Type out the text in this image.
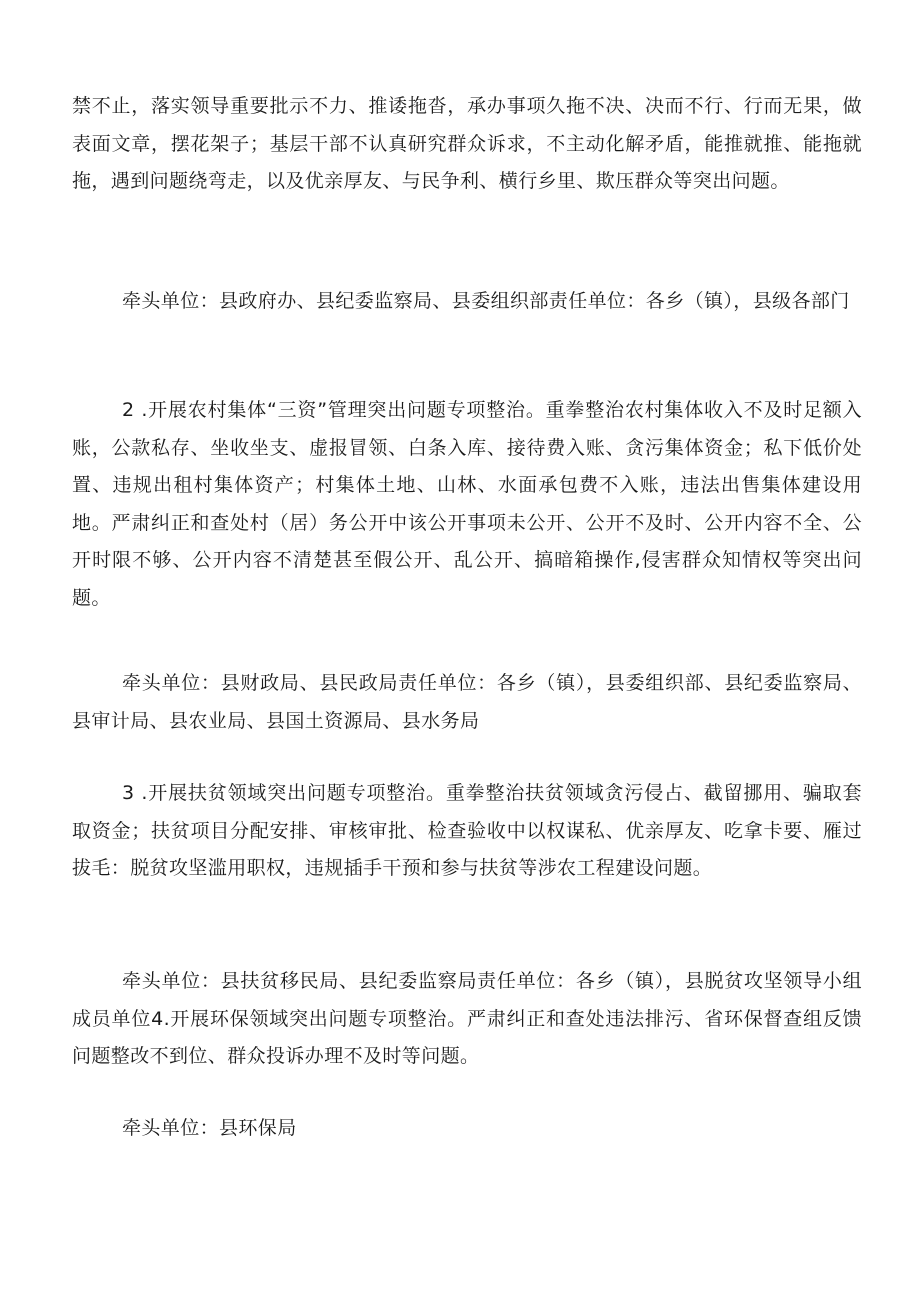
禁不止，落实领导重要批示不力、推诿拖沓，承办事项久拖不决、决而不行、行而无果，做表面文章，摆花架子；基层干部不认真研究群众诉求，不主动化解矛盾，能推就推、能拖就拖，遇到问题绕弯走，以及优亲厚友、与民争利、横行乡里、欺压群众等突出问题。

牵头单位：县政府办、县纪委监察局、县委组织部责任单位：各乡（镇），县级各部门

2 .开展农村集体“三资”管理突出问题专项整治。重拳整治农村集体收入不及时足额入账，公款私存、坐收坐支、虚报冒领、白条入库、接待费入账、贪污集体资金；私下低价处置、违规出租村集体资产；村集体土地、山林、水面承包费不入账，违法出售集体建设用地。严肃纠正和查处村（居）务公开中该公开事项未公开、公开不及时、公开内容不全、公开时限不够、公开内容不清楚甚至假公开、乱公开、搞暗箱操作,侵害群众知情权等突出问题。

牵头单位：县财政局、县民政局责任单位：各乡（镇），县委组织部、县纪委监察局、县审计局、县农业局、县国土资源局、县水务局

3 .开展扶贫领域突出问题专项整治。重拳整治扶贫领域贪污侵占、截留挪用、骗取套取资金；扶贫项目分配安排、审核审批、检查验收中以权谋私、优亲厚友、吃拿卡要、雁过拔毛：脱贫攻坚滥用职权，违规插手干预和参与扶贫等涉农工程建设问题。

牵头单位：县扶贫移民局、县纪委监察局责任单位：各乡（镇），县脱贫攻坚领导小组成员单位4.开展环保领域突出问题专项整治。严肃纠正和查处违法排污、省环保督查组反馈问题整改不到位、群众投诉办理不及时等问题。

牵头单位：县环保局
